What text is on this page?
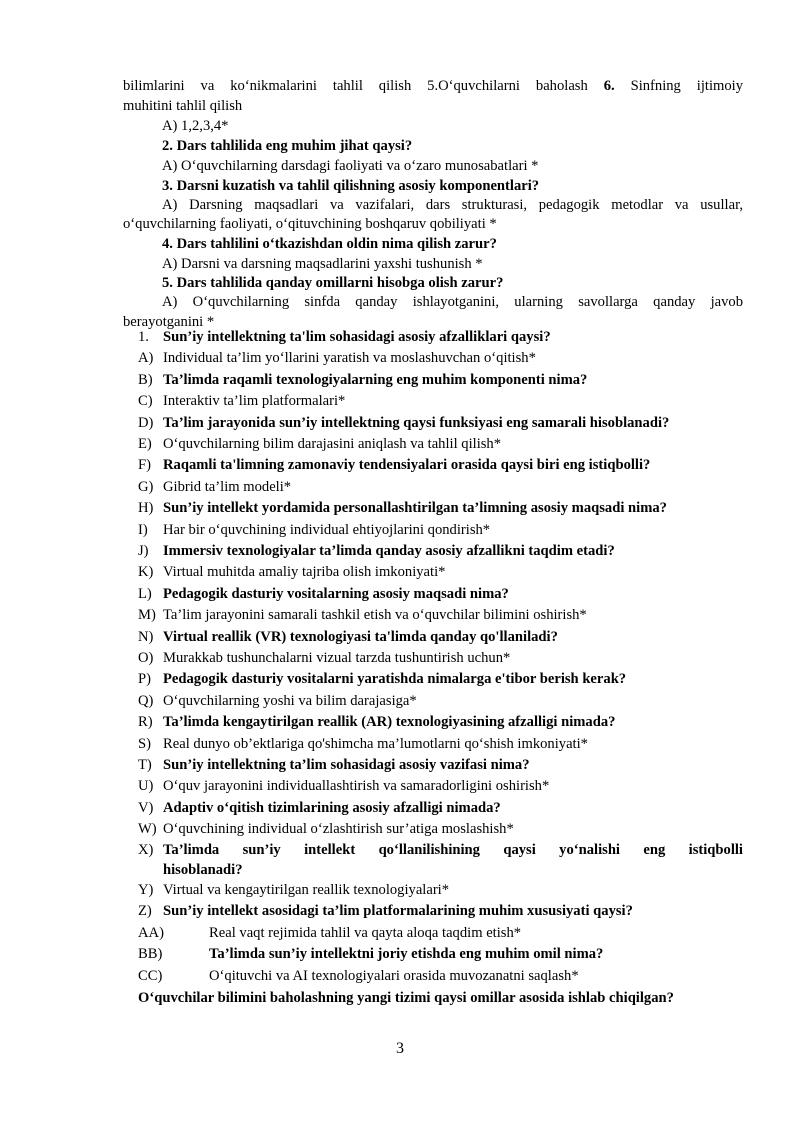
bilimlarini va ko‘nikmalarini tahlil qilish 5.O‘quvchilarni baholash 6. Sinfning ijtimoiy
muhitini tahlil qilish
A) 1,2,3,4*
2. Dars tahlilida eng muhim jihat qaysi?
A) O‘quvchilarning darsdagi faoliyati va o‘zaro munosabatlari *
3. Darsni kuzatish va tahlil qilishning asosiy komponentlari?
A) Darsning maqsadlari va vazifalari, dars strukturasi, pedagogik metodlar va usullar,
o‘quvchilarning faoliyati, o‘qituvchining boshqaruv qobiliyati *
4. Dars tahlilini o‘tkazishdan oldin nima qilish zarur?
A) Darsni va darsning maqsadlarini yaxshi tushunish *
5. Dars tahlilida qanday omillarni hisobga olish zarur?
A) O‘quvchilarning sinfda qanday ishlayotganini, ularning savollarga qanday javob
berayotganini *
1. Sun’iy intellektning ta'lim sohasidagi asosiy afzalliklari qaysi?
A) Individual ta’lim yo‘llarini yaratish va moslashuvchan o‘qitish*
B) Ta’limda raqamli texnologiyalarning eng muhim komponenti nima?
C) Interaktiv ta’lim platformalari*
D) Ta’lim jarayonida sun’iy intellektning qaysi funksiyasi eng samarali hisoblanadi?
E) O‘quvchilarning bilim darajasini aniqlash va tahlil qilish*
F) Raqamli ta'limning zamonaviy tendensiyalari orasida qaysi biri eng istiqbolli?
G) Gibrid ta’lim modeli*
H) Sun’iy intellekt yordamida personallashtirilgan ta’limning asosiy maqsadi nima?
I) Har bir o‘quvchining individual ehtiyojlarini qondirish*
J) Immersiv texnologiyalar ta’limda qanday asosiy afzallikni taqdim etadi?
K) Virtual muhitda amaliy tajriba olish imkoniyati*
L) Pedagogik dasturiy vositalarning asosiy maqsadi nima?
M) Ta’lim jarayonini samarali tashkil etish va o‘quvchilar bilimini oshirish*
N) Virtual reallik (VR) texnologiyasi ta'limda qanday qo'llaniladi?
O) Murakkab tushunchalarni vizual tarzda tushuntirish uchun*
P) Pedagogik dasturiy vositalarni yaratishda nimalarga e'tibor berish kerak?
Q) O‘quvchilarning yoshi va bilim darajasiga*
R) Ta’limda kengaytirilgan reallik (AR) texnologiyasining afzalligi nimada?
S) Real dunyo ob’ektlariga qo'shimcha ma’lumotlarni qo‘shish imkoniyati*
T) Sun’iy intellektning ta’lim sohasidagi asosiy vazifasi nima?
U) O‘quv jarayonini individuallashtirish va samaradorligini oshirish*
V) Adaptiv o‘qitish tizimlarining asosiy afzalligi nimada?
W) O‘quvchining individual o‘zlashtirish sur’atiga moslashish*
X) Ta’limda sun’iy intellekt qo‘llanilishining qaysi yo‘nalishi eng istiqbolli
hisoblanadi?
Y) Virtual va kengaytirilgan reallik texnologiyalari*
Z) Sun’iy intellekt asosidagi ta’lim platformalarining muhim xususiyati qaysi?
AA)	Real vaqt rejimida tahlil va qayta aloqa taqdim etish*
BB)	Ta’limda sun’iy intellektni joriy etishda eng muhim omil nima?
CC)	O‘qituvchi va AI texnologiyalari orasida muvozanatni saqlash*
O‘quvchilar bilimini baholashning yangi tizimi qaysi omillar asosida ishlab chiqilgan?
3
